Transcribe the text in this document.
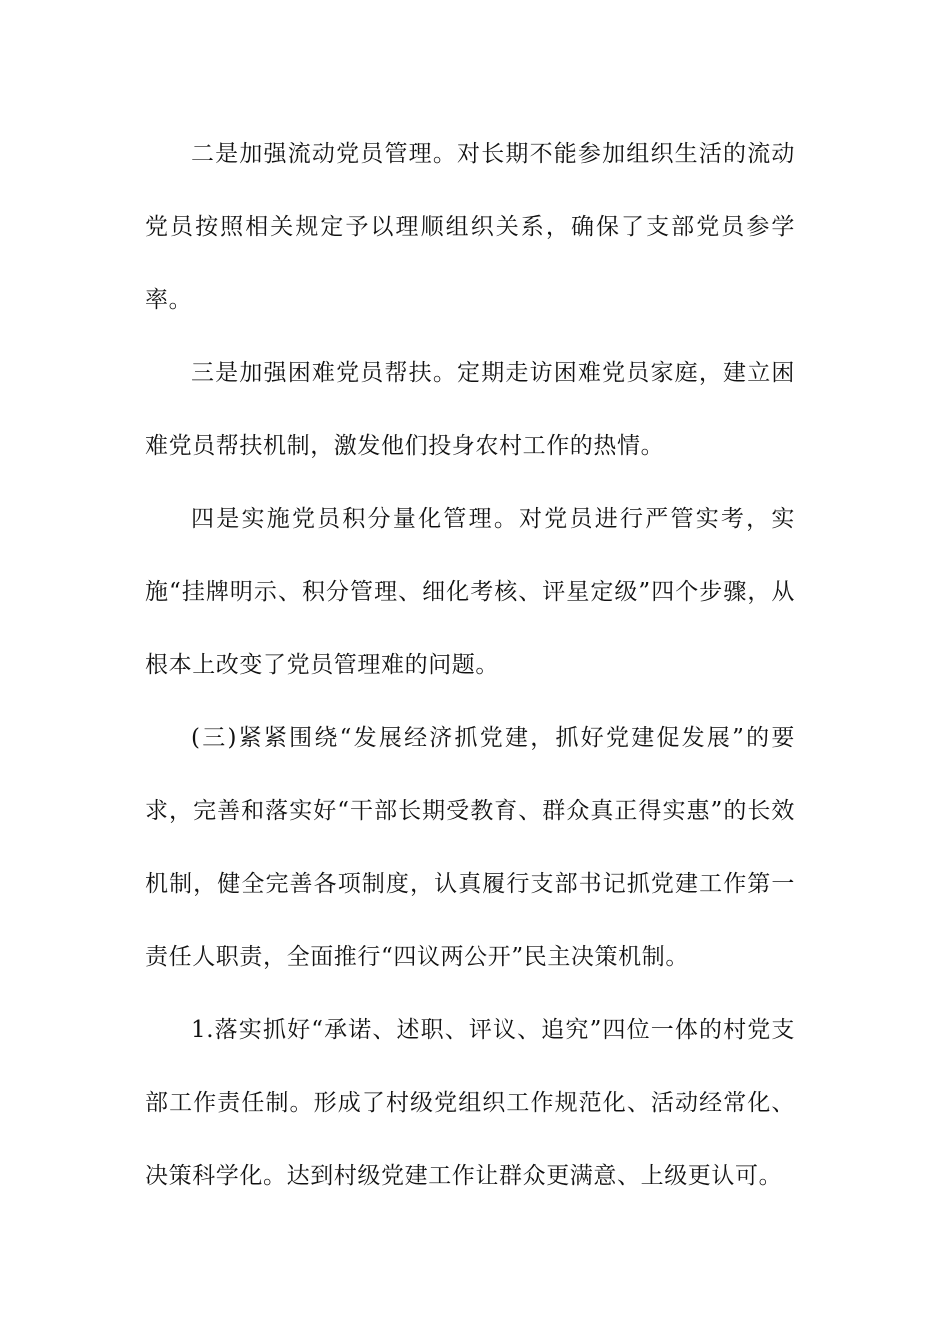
二是加强流动党员管理。对长期不能参加组织生活的流动党员按照相关规定予以理顺组织关系，确保了支部党员参学率。

三是加强困难党员帮扶。定期走访困难党员家庭，建立困难党员帮扶机制，激发他们投身农村工作的热情。

四是实施党员积分量化管理。对党员进行严管实考，实施“挂牌明示、积分管理、细化考核、评星定级”四个步骤，从根本上改变了党员管理难的问题。

(三)紧紧围绕“发展经济抓党建，抓好党建促发展”的要求，完善和落实好“干部长期受教育、群众真正得实惠”的长效机制，健全完善各项制度，认真履行支部书记抓党建工作第一责任人职责，全面推行“四议两公开”民主决策机制。

1.落实抓好“承诺、述职、评议、追究”四位一体的村党支部工作责任制。形成了村级党组织工作规范化、活动经常化、决策科学化。达到村级党建工作让群众更满意、上级更认可。
